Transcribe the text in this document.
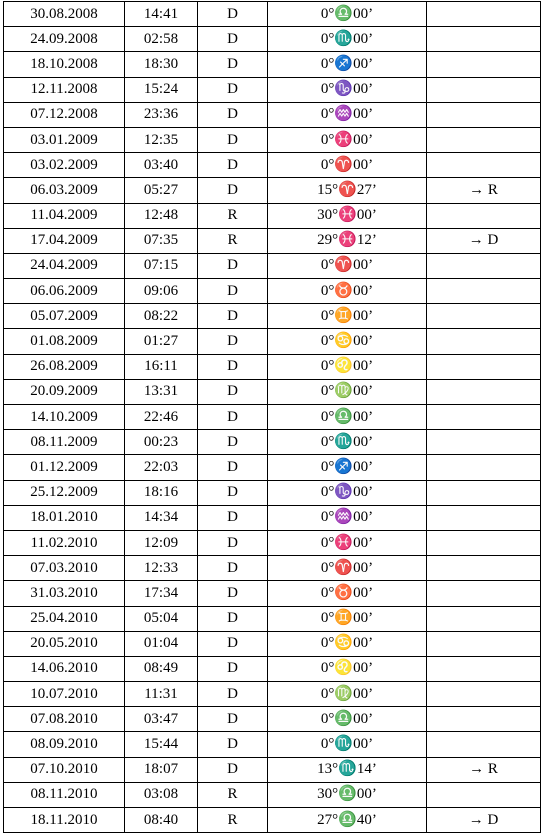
30.08.2008	14:41	D	0°♎00’	
24.09.2008	02:58	D	0°♏00’	
18.10.2008	18:30	D	0°♐00’	
12.11.2008	15:24	D	0°♑00’	
07.12.2008	23:36	D	0°♒00’	
03.01.2009	12:35	D	0°♓00’	
03.02.2009	03:40	D	0°♈00’	
06.03.2009	05:27	D	15°♈27’	→ R
11.04.2009	12:48	R	30°♓00’	
17.04.2009	07:35	R	29°♓12’	→ D
24.04.2009	07:15	D	0°♈00’	
06.06.2009	09:06	D	0°♉00’	
05.07.2009	08:22	D	0°♊00’	
01.08.2009	01:27	D	0°♋00’	
26.08.2009	16:11	D	0°♌00’	
20.09.2009	13:31	D	0°♍00’	
14.10.2009	22:46	D	0°♎00’	
08.11.2009	00:23	D	0°♏00’	
01.12.2009	22:03	D	0°♐00’	
25.12.2009	18:16	D	0°♑00’	
18.01.2010	14:34	D	0°♒00’	
11.02.2010	12:09	D	0°♓00’	
07.03.2010	12:33	D	0°♈00’	
31.03.2010	17:34	D	0°♉00’	
25.04.2010	05:04	D	0°♊00’	
20.05.2010	01:04	D	0°♋00’	
14.06.2010	08:49	D	0°♌00’	
10.07.2010	11:31	D	0°♍00’	
07.08.2010	03:47	D	0°♎00’	
08.09.2010	15:44	D	0°♏00’	
07.10.2010	18:07	D	13°♏14’	→ R
08.11.2010	03:08	R	30°♎00’	
18.11.2010	08:40	R	27°♎40’	→ D
